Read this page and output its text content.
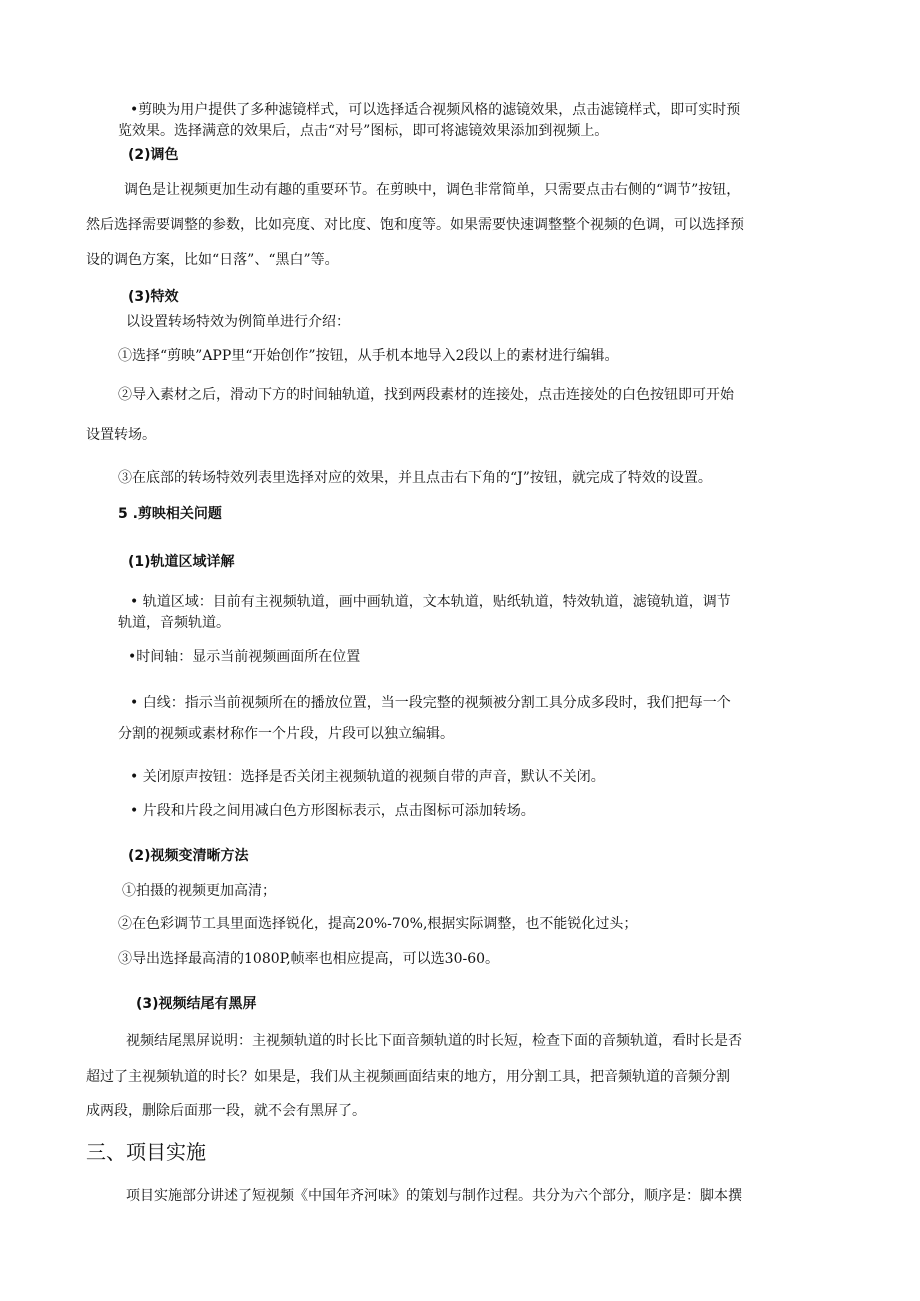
•剪映为用户提供了多种滤镜样式，可以选择适合视频风格的滤镜效果，点击滤镜样式，即可实时预
览效果。选择满意的效果后，点击“对号”图标，即可将滤镜效果添加到视频上。
(2)调色
调色是让视频更加生动有趣的重要环节。在剪映中，调色非常简单，只需要点击右侧的“调节”按钮，
然后选择需要调整的参数，比如亮度、对比度、饱和度等。如果需要快速调整整个视频的色调，可以选择预
设的调色方案，比如“日落”、“黑白”等。
(3)特效
以设置转场特效为例简单进行介绍：
①选择“剪映”APP里“开始创作”按钮，从手机本地导入2段以上的素材进行编辑。
②导入素材之后，滑动下方的时间轴轨道，找到两段素材的连接处，点击连接处的白色按钮即可开始
设置转场。
③在底部的转场特效列表里选择对应的效果，并且点击右下角的“J”按钮，就完成了特效的设置。
5 .剪映相关问题
(1)轨道区域详解
• 轨道区域：目前有主视频轨道，画中画轨道，文本轨道，贴纸轨道，特效轨道，滤镜轨道，调节
轨道，音频轨道。
•时间轴：显示当前视频画面所在位置
• 白线：指示当前视频所在的播放位置，当一段完整的视频被分割工具分成多段时，我们把每一个
分割的视频或素材称作一个片段，片段可以独立编辑。
• 关闭原声按钮：选择是否关闭主视频轨道的视频自带的声音，默认不关闭。
• 片段和片段之间用减白色方形图标表示，点击图标可添加转场。
(2)视频变清晰方法
①拍摄的视频更加高清；
②在色彩调节工具里面选择锐化，提高20%-70%,根据实际调整，也不能锐化过头；
③导出选择最高清的1080P,帧率也相应提高，可以选30-60。
(3)视频结尾有黑屏
视频结尾黑屏说明：主视频轨道的时长比下面音频轨道的时长短，检查下面的音频轨道，看时长是否
超过了主视频轨道的时长？如果是，我们从主视频画面结束的地方，用分割工具，把音频轨道的音频分割
成两段，删除后面那一段，就不会有黑屏了。
三、项目实施
项目实施部分讲述了短视频《中国年齐河味》的策划与制作过程。共分为六个部分，顺序是：脚本撰
